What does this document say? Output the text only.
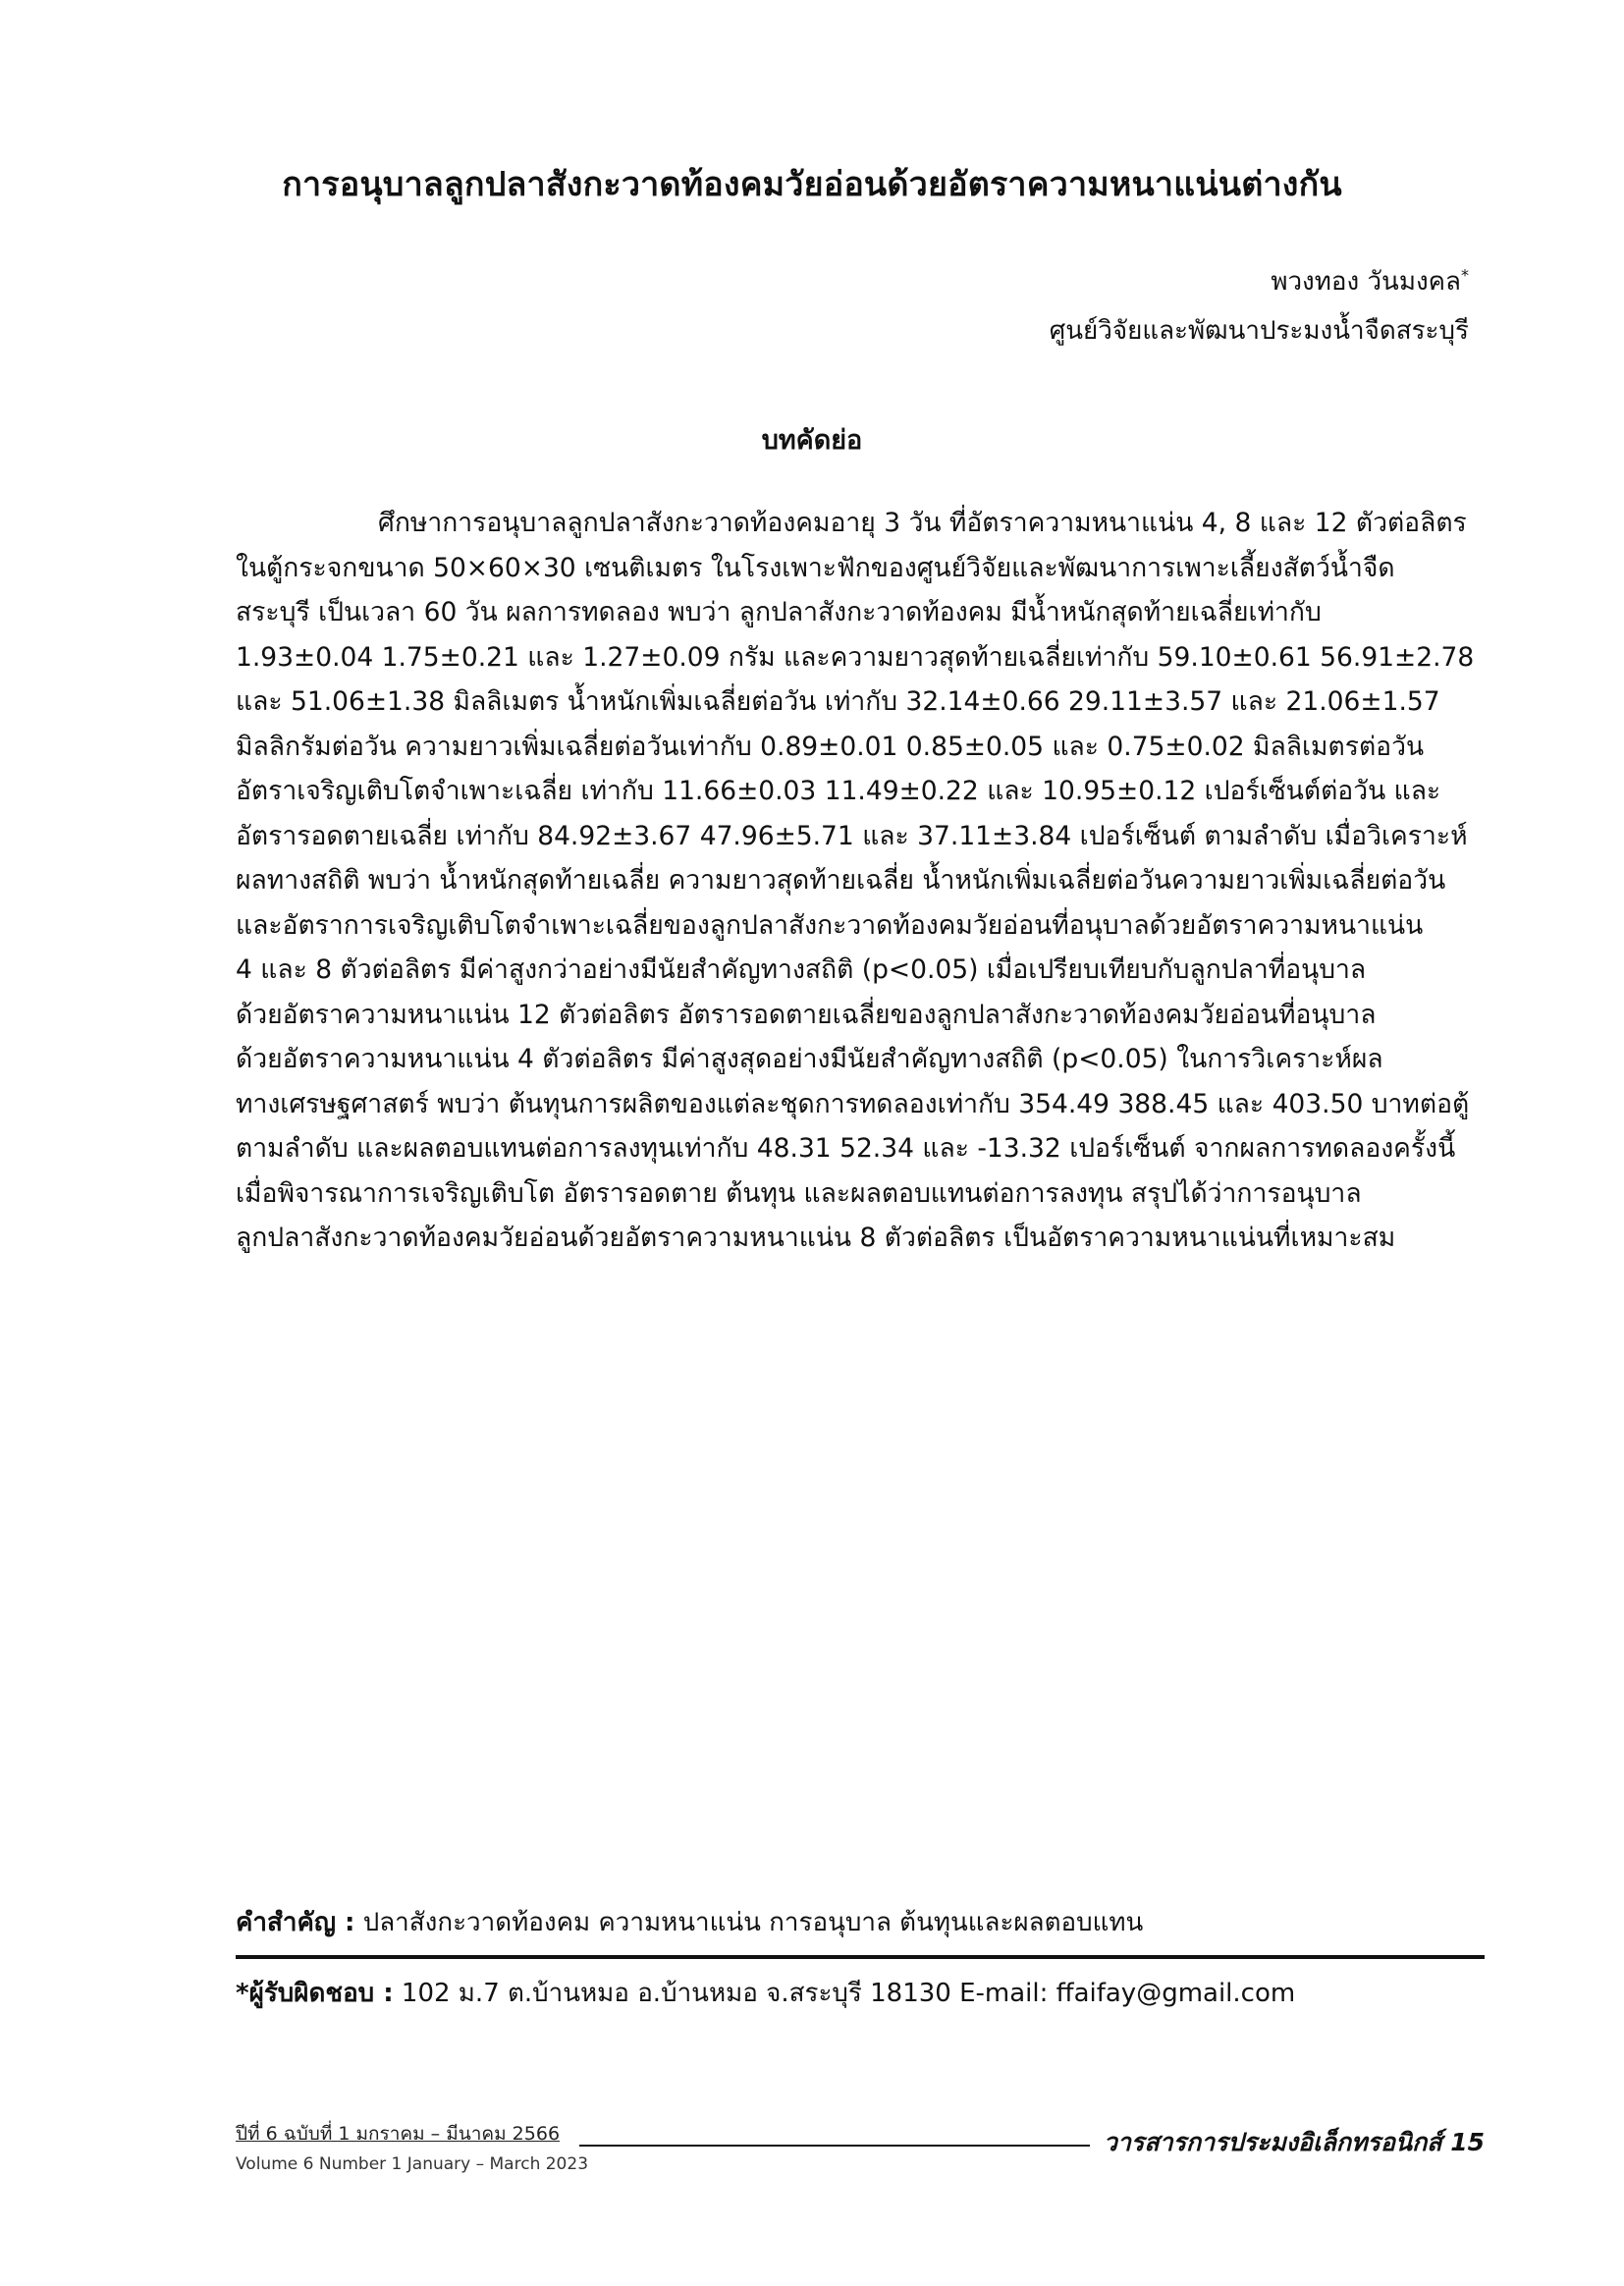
การอนุบาลลูกปลาสังกะวาดท้องคมวัยอ่อนด้วยอัตราความหนาแน่นต่างกัน
พวงทอง วันมงคล*
ศูนย์วิจัยและพัฒนาประมงน้ำจืดสระบุรี
บทคัดย่อ
ศึกษาการอนุบาลลูกปลาสังกะวาดท้องคมอายุ 3 วัน ที่อัตราความหนาแน่น 4, 8 และ 12 ตัวต่อลิตร
ในตู้กระจกขนาด 50×60×30 เซนติเมตร ในโรงเพาะฟักของศูนย์วิจัยและพัฒนาการเพาะเลี้ยงสัตว์น้ำจืด
สระบุรี เป็นเวลา 60 วัน ผลการทดลอง พบว่า ลูกปลาสังกะวาดท้องคม มีน้ำหนักสุดท้ายเฉลี่ยเท่ากับ
1.93±0.04 1.75±0.21 และ 1.27±0.09 กรัม และความยาวสุดท้ายเฉลี่ยเท่ากับ 59.10±0.61 56.91±2.78
และ 51.06±1.38 มิลลิเมตร น้ำหนักเพิ่มเฉลี่ยต่อวัน เท่ากับ 32.14±0.66 29.11±3.57 และ 21.06±1.57
มิลลิกรัมต่อวัน ความยาวเพิ่มเฉลี่ยต่อวันเท่ากับ 0.89±0.01 0.85±0.05 และ 0.75±0.02 มิลลิเมตรต่อวัน
อัตราเจริญเติบโตจำเพาะเฉลี่ย เท่ากับ 11.66±0.03 11.49±0.22 และ 10.95±0.12 เปอร์เซ็นต์ต่อวัน และ
อัตรารอดตายเฉลี่ย เท่ากับ 84.92±3.67 47.96±5.71 และ 37.11±3.84 เปอร์เซ็นต์ ตามลำดับ เมื่อวิเคราะห์
ผลทางสถิติ พบว่า น้ำหนักสุดท้ายเฉลี่ย ความยาวสุดท้ายเฉลี่ย น้ำหนักเพิ่มเฉลี่ยต่อวันความยาวเพิ่มเฉลี่ยต่อวัน
และอัตราการเจริญเติบโตจำเพาะเฉลี่ยของลูกปลาสังกะวาดท้องคมวัยอ่อนที่อนุบาลด้วยอัตราความหนาแน่น
4 และ 8 ตัวต่อลิตร มีค่าสูงกว่าอย่างมีนัยสำคัญทางสถิติ (p<0.05) เมื่อเปรียบเทียบกับลูกปลาที่อนุบาล
ด้วยอัตราความหนาแน่น 12 ตัวต่อลิตร อัตรารอดตายเฉลี่ยของลูกปลาสังกะวาดท้องคมวัยอ่อนที่อนุบาล
ด้วยอัตราความหนาแน่น 4 ตัวต่อลิตร มีค่าสูงสุดอย่างมีนัยสำคัญทางสถิติ (p<0.05) ในการวิเคราะห์ผล
ทางเศรษฐศาสตร์ พบว่า ต้นทุนการผลิตของแต่ละชุดการทดลองเท่ากับ 354.49 388.45 และ 403.50 บาทต่อตู้
ตามลำดับ และผลตอบแทนต่อการลงทุนเท่ากับ 48.31 52.34 และ -13.32 เปอร์เซ็นต์ จากผลการทดลองครั้งนี้
เมื่อพิจารณาการเจริญเติบโต อัตรารอดตาย ต้นทุน และผลตอบแทนต่อการลงทุน สรุปได้ว่าการอนุบาล
ลูกปลาสังกะวาดท้องคมวัยอ่อนด้วยอัตราความหนาแน่น 8 ตัวต่อลิตร เป็นอัตราความหนาแน่นที่เหมาะสม
คำสำคัญ : ปลาสังกะวาดท้องคม ความหนาแน่น การอนุบาล ต้นทุนและผลตอบแทน
*ผู้รับผิดชอบ : 102 ม.7 ต.บ้านหมอ อ.บ้านหมอ จ.สระบุรี 18130 E-mail: ffaifay@gmail.com
ปีที่ 6 ฉบับที่ 1 มกราคม – มีนาคม 2566	วารสารการประมงอิเล็กทรอนิกส์ 15
Volume 6 Number 1 January – March 2023
